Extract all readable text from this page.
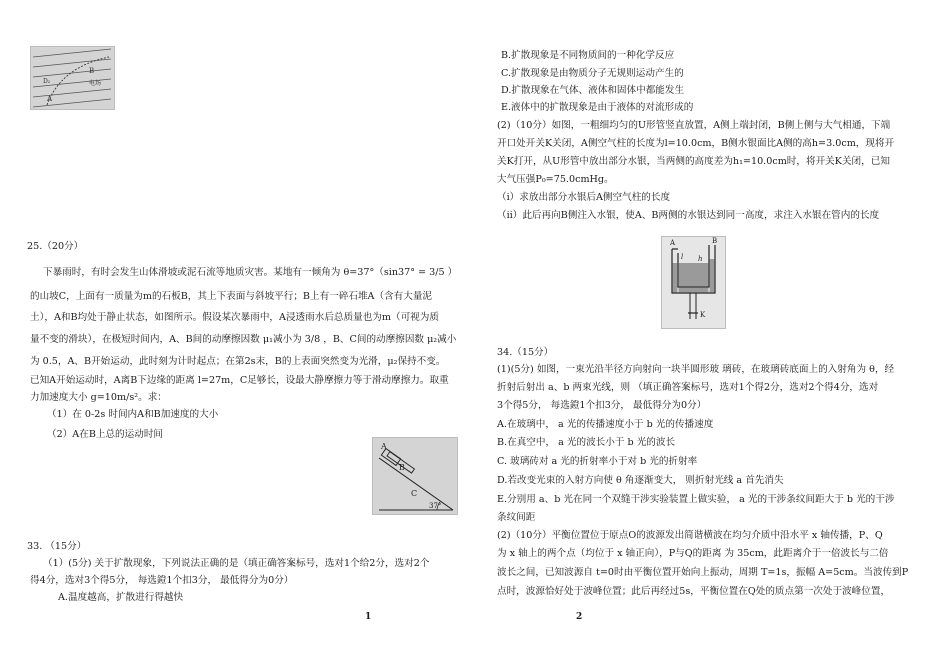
B
D₂	电场
A
25.（20分）
下暴雨时，有时会发生山体滑坡或泥石流等地质灾害。某地有一倾角为 θ=37°（sin37° = 3/5 ）
的山坡C，上面有一质量为m的石板B，其上下表面与斜坡平行；B上有一碎石堆A（含有大量泥
土），A和B均处于静止状态，如图所示。假设某次暴雨中，A浸透雨水后总质量也为m（可视为质
量不变的滑块），在极短时间内，A、B间的动摩擦因数 μ₁减小为 3/8 ，B、C间的动摩擦因数 μ₂减小
为 0.5，A、B开始运动，此时刻为计时起点；在第2s末，B的上表面突然变为光滑，μ₂保持不变。
已知A开始运动时，A离B下边缘的距离 l=27m，C足够长，设最大静摩擦力等于滑动摩擦力。取重
力加速度大小 g=10m/s²。求：
（1）在 0-2s 时间内A和B加速度的大小
（2）A在B上总的运动时间
A
B
C
37°
33. （15分）
（1）(5分) 关于扩散现象，下列说法正确的是（填正确答案标号，选对1个给2分，选对2个
得4分，选对3个得5分， 每选鐙1个扣3分， 最低得分为0分）
A.温度越高，扩散进行得越快
1
B.扩散现象是不同物质间的一种化学反应
C.扩散现象是由物质分子无规则运动产生的
D.扩散现象在气体、液体和固体中都能发生
E.液体中的扩散现象是由于液体的对流形成的
(2)（10分）如图，一粗细均匀的U形管竖直放置，A侧上端封闭，B侧上侧与大气相通，下端
开口处开关K关闭，A侧空气柱的长度为l=10.0cm，B侧水银面比A侧的高h=3.0cm，现将开
关K打开，从U形管中放出部分水银，当两侧的高度差为h₁=10.0cm时，将开关K关闭，已知
大气压强P₀=75.0cmHg。
（ⅰ）求放出部分水银后A侧空气柱的长度
（ⅱ）此后再向B侧注入水银，使A、B两侧的水银达到同一高度，求注入水银在管内的长度
A	B
l h
K
34.（15分）
(1)(5分) 如图，一束光沿半径方向射向一块半圆形玻 璃砖，在玻璃砖底面上的入射角为 θ，经
折射后射出 a、b 两束光线，则 （填正确答案标号，选对1个得2分，选对2个得4分，选对
3个得5分， 每选鐙1个扣3分， 最低得分为0分）
A.在玻璃中， a 光的传播速度小于 b 光的传播速度
B.在真空中， a 光的波长小于 b 光的波长
C. 玻璃砖对 a 光的折射率小于对 b 光的折射率
D.若改变光束的入射方向使 θ 角逐渐变大， 则折射光线 a 首先消失
E.分别用 a、b 光在同一个双缝干涉实验装置上做实验， a 光的干涉条纹间距大于 b 光的干涉
条纹间距
(2)（10分）平衡位置位于原点O的波源发出简谐横波在均匀介质中沿水平 x 轴传播，P、Q
为 x 轴上的两个点（均位于 x 轴正向），P与Q的距离 为 35cm，此距离介于一倍波长与二倍
波长之间，已知波源自 t=0时由平衡位置开始向上振动，周期 T=1s，振幅 A=5cm。当波传到P
点时，波源恰好处于波峰位置；此后再经过5s，平衡位置在Q处的质点第一次处于波峰位置，
2
